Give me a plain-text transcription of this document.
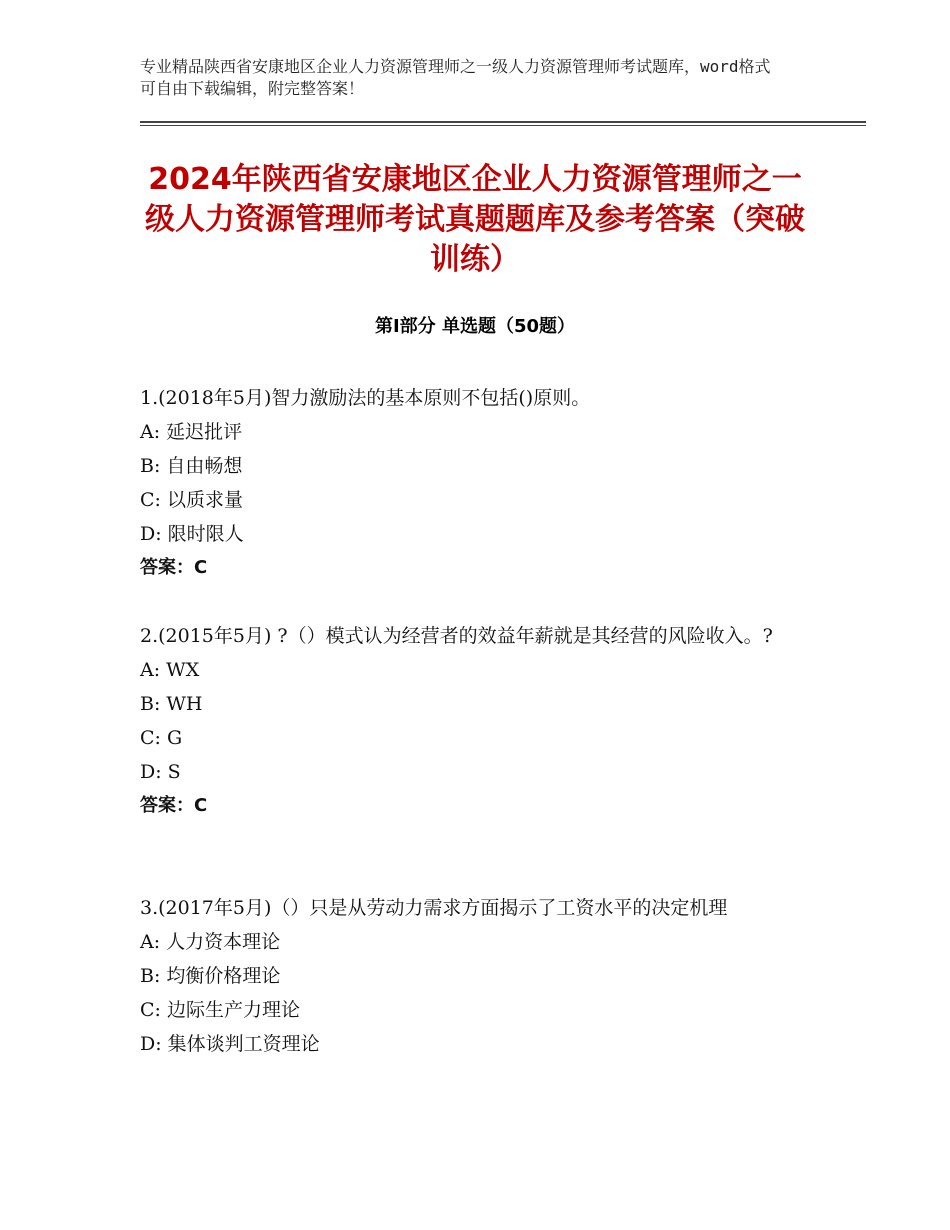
专业精品陕西省安康地区企业人力资源管理师之一级人力资源管理师考试题库，word格式可自由下载编辑，附完整答案！
2024年陕西省安康地区企业人力资源管理师之一级人力资源管理师考试真题题库及参考答案（突破训练）
第Ⅰ部分 单选题（50题）
1.(2018年5月)智力激励法的基本原则不包括()原则。
A: 延迟批评
B: 自由畅想
C: 以质求量
D: 限时限人
答案：C
2.(2015年5月) ?（）模式认为经营者的效益年薪就是其经营的风险收入。?
A: WX
B: WH
C: G
D: S
答案：C
3.(2017年5月)（）只是从劳动力需求方面揭示了工资水平的决定机理
A: 人力资本理论
B: 均衡价格理论
C: 边际生产力理论
D: 集体谈判工资理论
